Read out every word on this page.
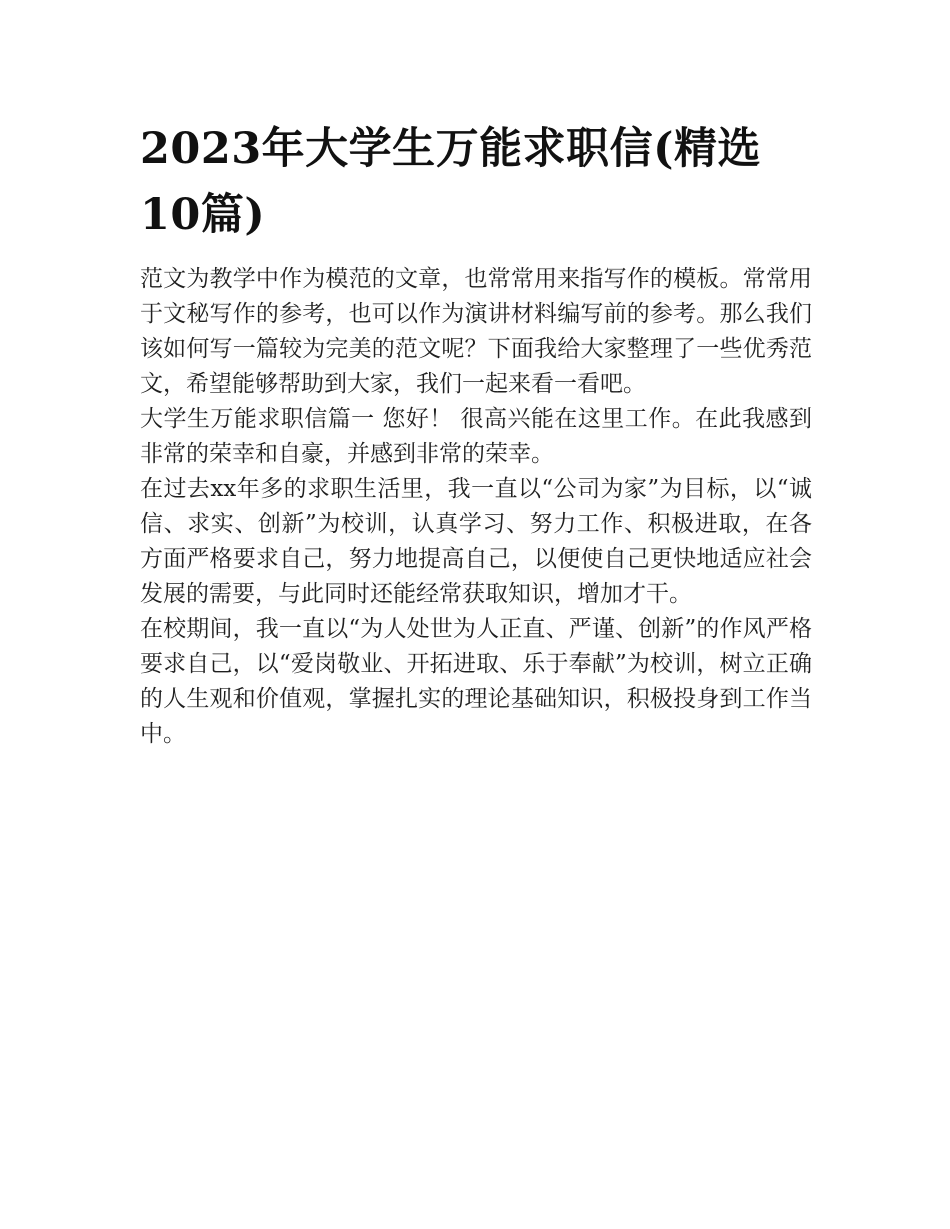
2023年大学生万能求职信(精选10篇)

范文为教学中作为模范的文章，也常常用来指写作的模板。常常用于文秘写作的参考，也可以作为演讲材料编写前的参考。那么我们该如何写一篇较为完美的范文呢？下面我给大家整理了一些优秀范文，希望能够帮助到大家，我们一起来看一看吧。

大学生万能求职信篇一 您好！ 很高兴能在这里工作。在此我感到非常的荣幸和自豪，并感到非常的荣幸。

在过去xx年多的求职生活里，我一直以“公司为家”为目标，以“诚信、求实、创新”为校训，认真学习、努力工作、积极进取，在各方面严格要求自己，努力地提高自己，以便使自己更快地适应社会发展的需要，与此同时还能经常获取知识，增加才干。

在校期间，我一直以“为人处世为人正直、严谨、创新”的作风严格要求自己，以“爱岗敬业、开拓进取、乐于奉献”为校训，树立正确的人生观和价值观，掌握扎实的理论基础知识，积极投身到工作当中。
